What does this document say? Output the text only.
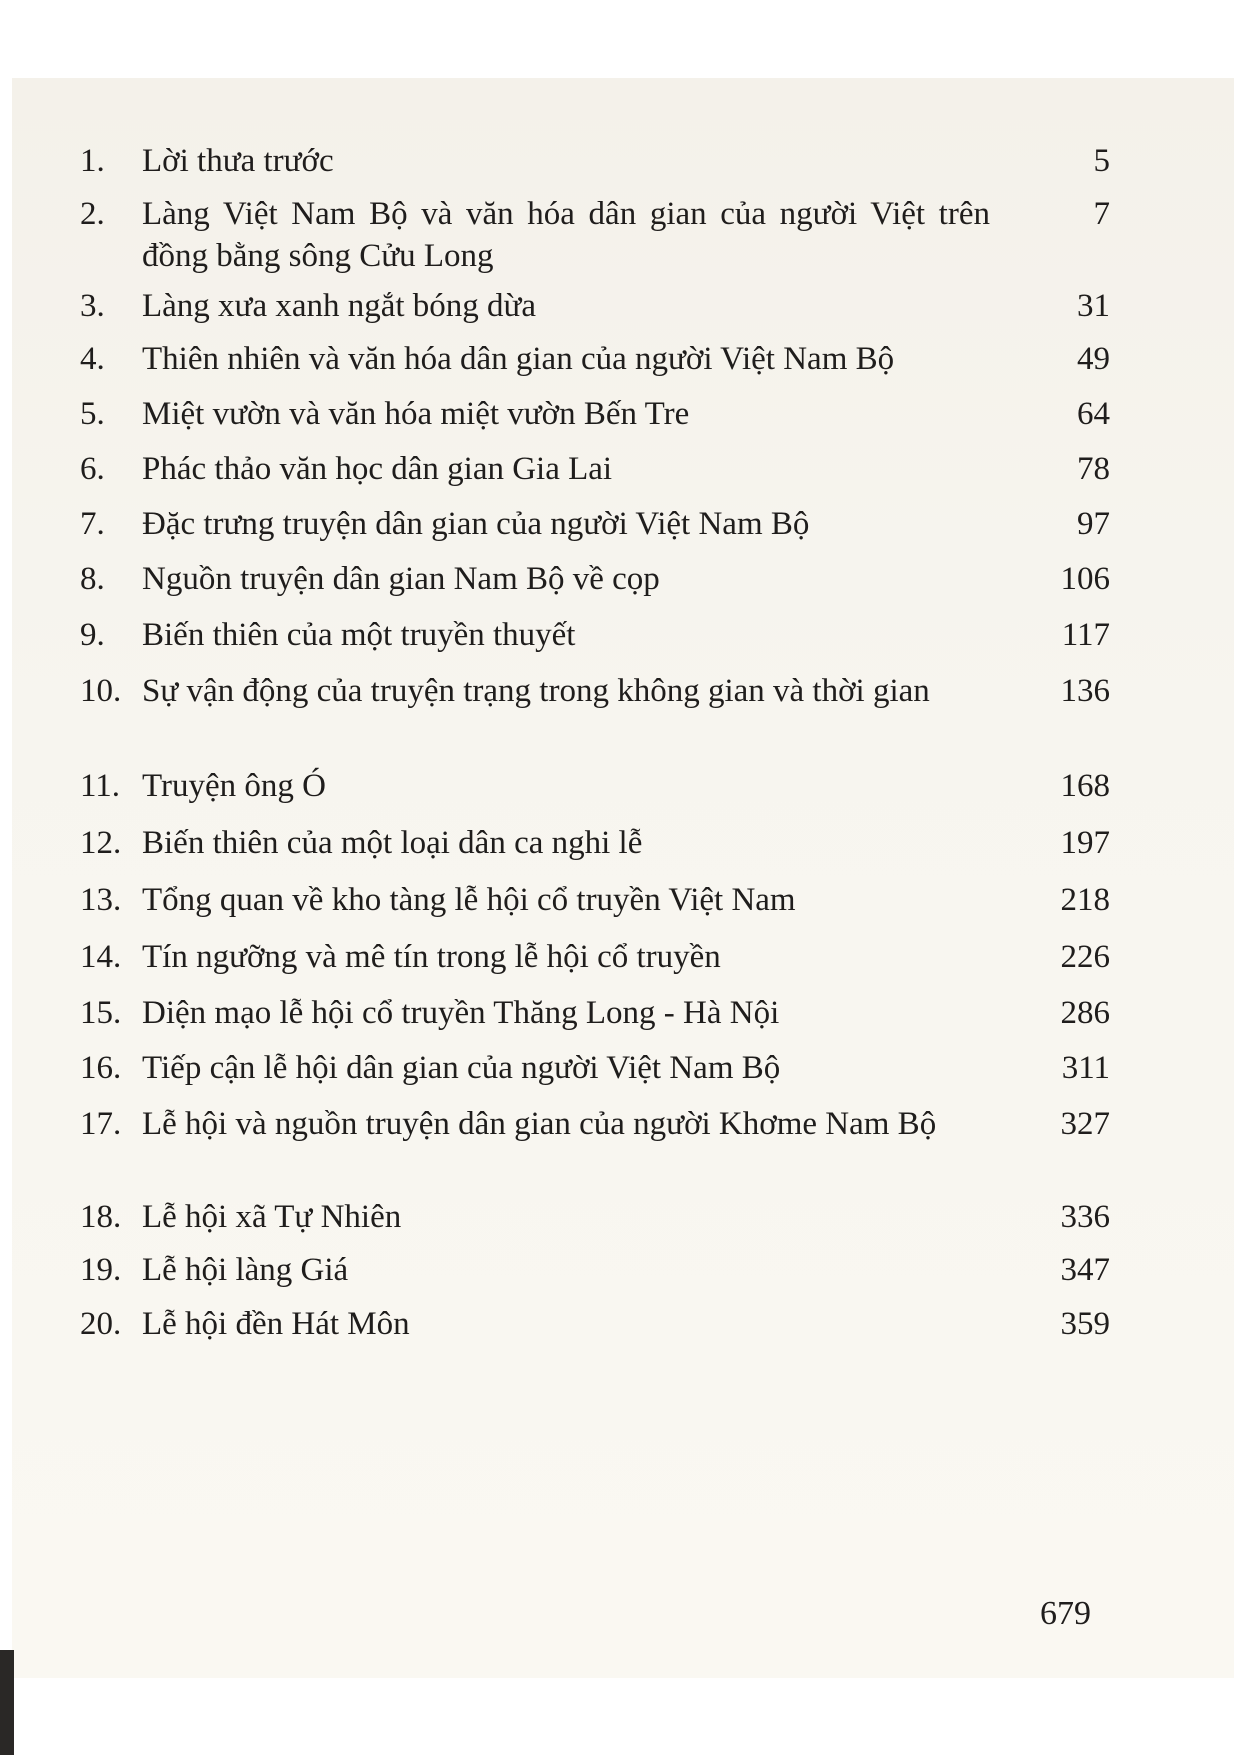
1. Lời thưa trước	5
2. Làng Việt Nam Bộ và văn hóa dân gian của người Việt trên đồng bằng sông Cửu Long
7
3. Làng xưa xanh ngắt bóng dừa	31
4. Thiên nhiên và văn hóa dân gian của người Việt Nam Bộ	49
5. Miệt vườn và văn hóa miệt vườn Bến Tre	64
6. Phác thảo văn học dân gian Gia Lai	78
7. Đặc trưng truyện dân gian của người Việt Nam Bộ	97
8. Nguồn truyện dân gian Nam Bộ về cọp	106
9. Biến thiên của một truyền thuyết	117
10. Sự vận động của truyện trạng trong không gian và thời gian	136
11. Truyện ông Ó	168
12. Biến thiên của một loại dân ca nghi lễ	197
13. Tổng quan về kho tàng lễ hội cổ truyền Việt Nam	218
14. Tín ngưỡng và mê tín trong lễ hội cổ truyền	226
15. Diện mạo lễ hội cổ truyền Thăng Long - Hà Nội	286
16. Tiếp cận lễ hội dân gian của người Việt Nam Bộ	311
17. Lễ hội và nguồn truyện dân gian của người Khơme Nam Bộ	327
18. Lễ hội xã Tự Nhiên	336
19. Lễ hội làng Giá	347
20. Lễ hội đền Hát Môn	359
679
